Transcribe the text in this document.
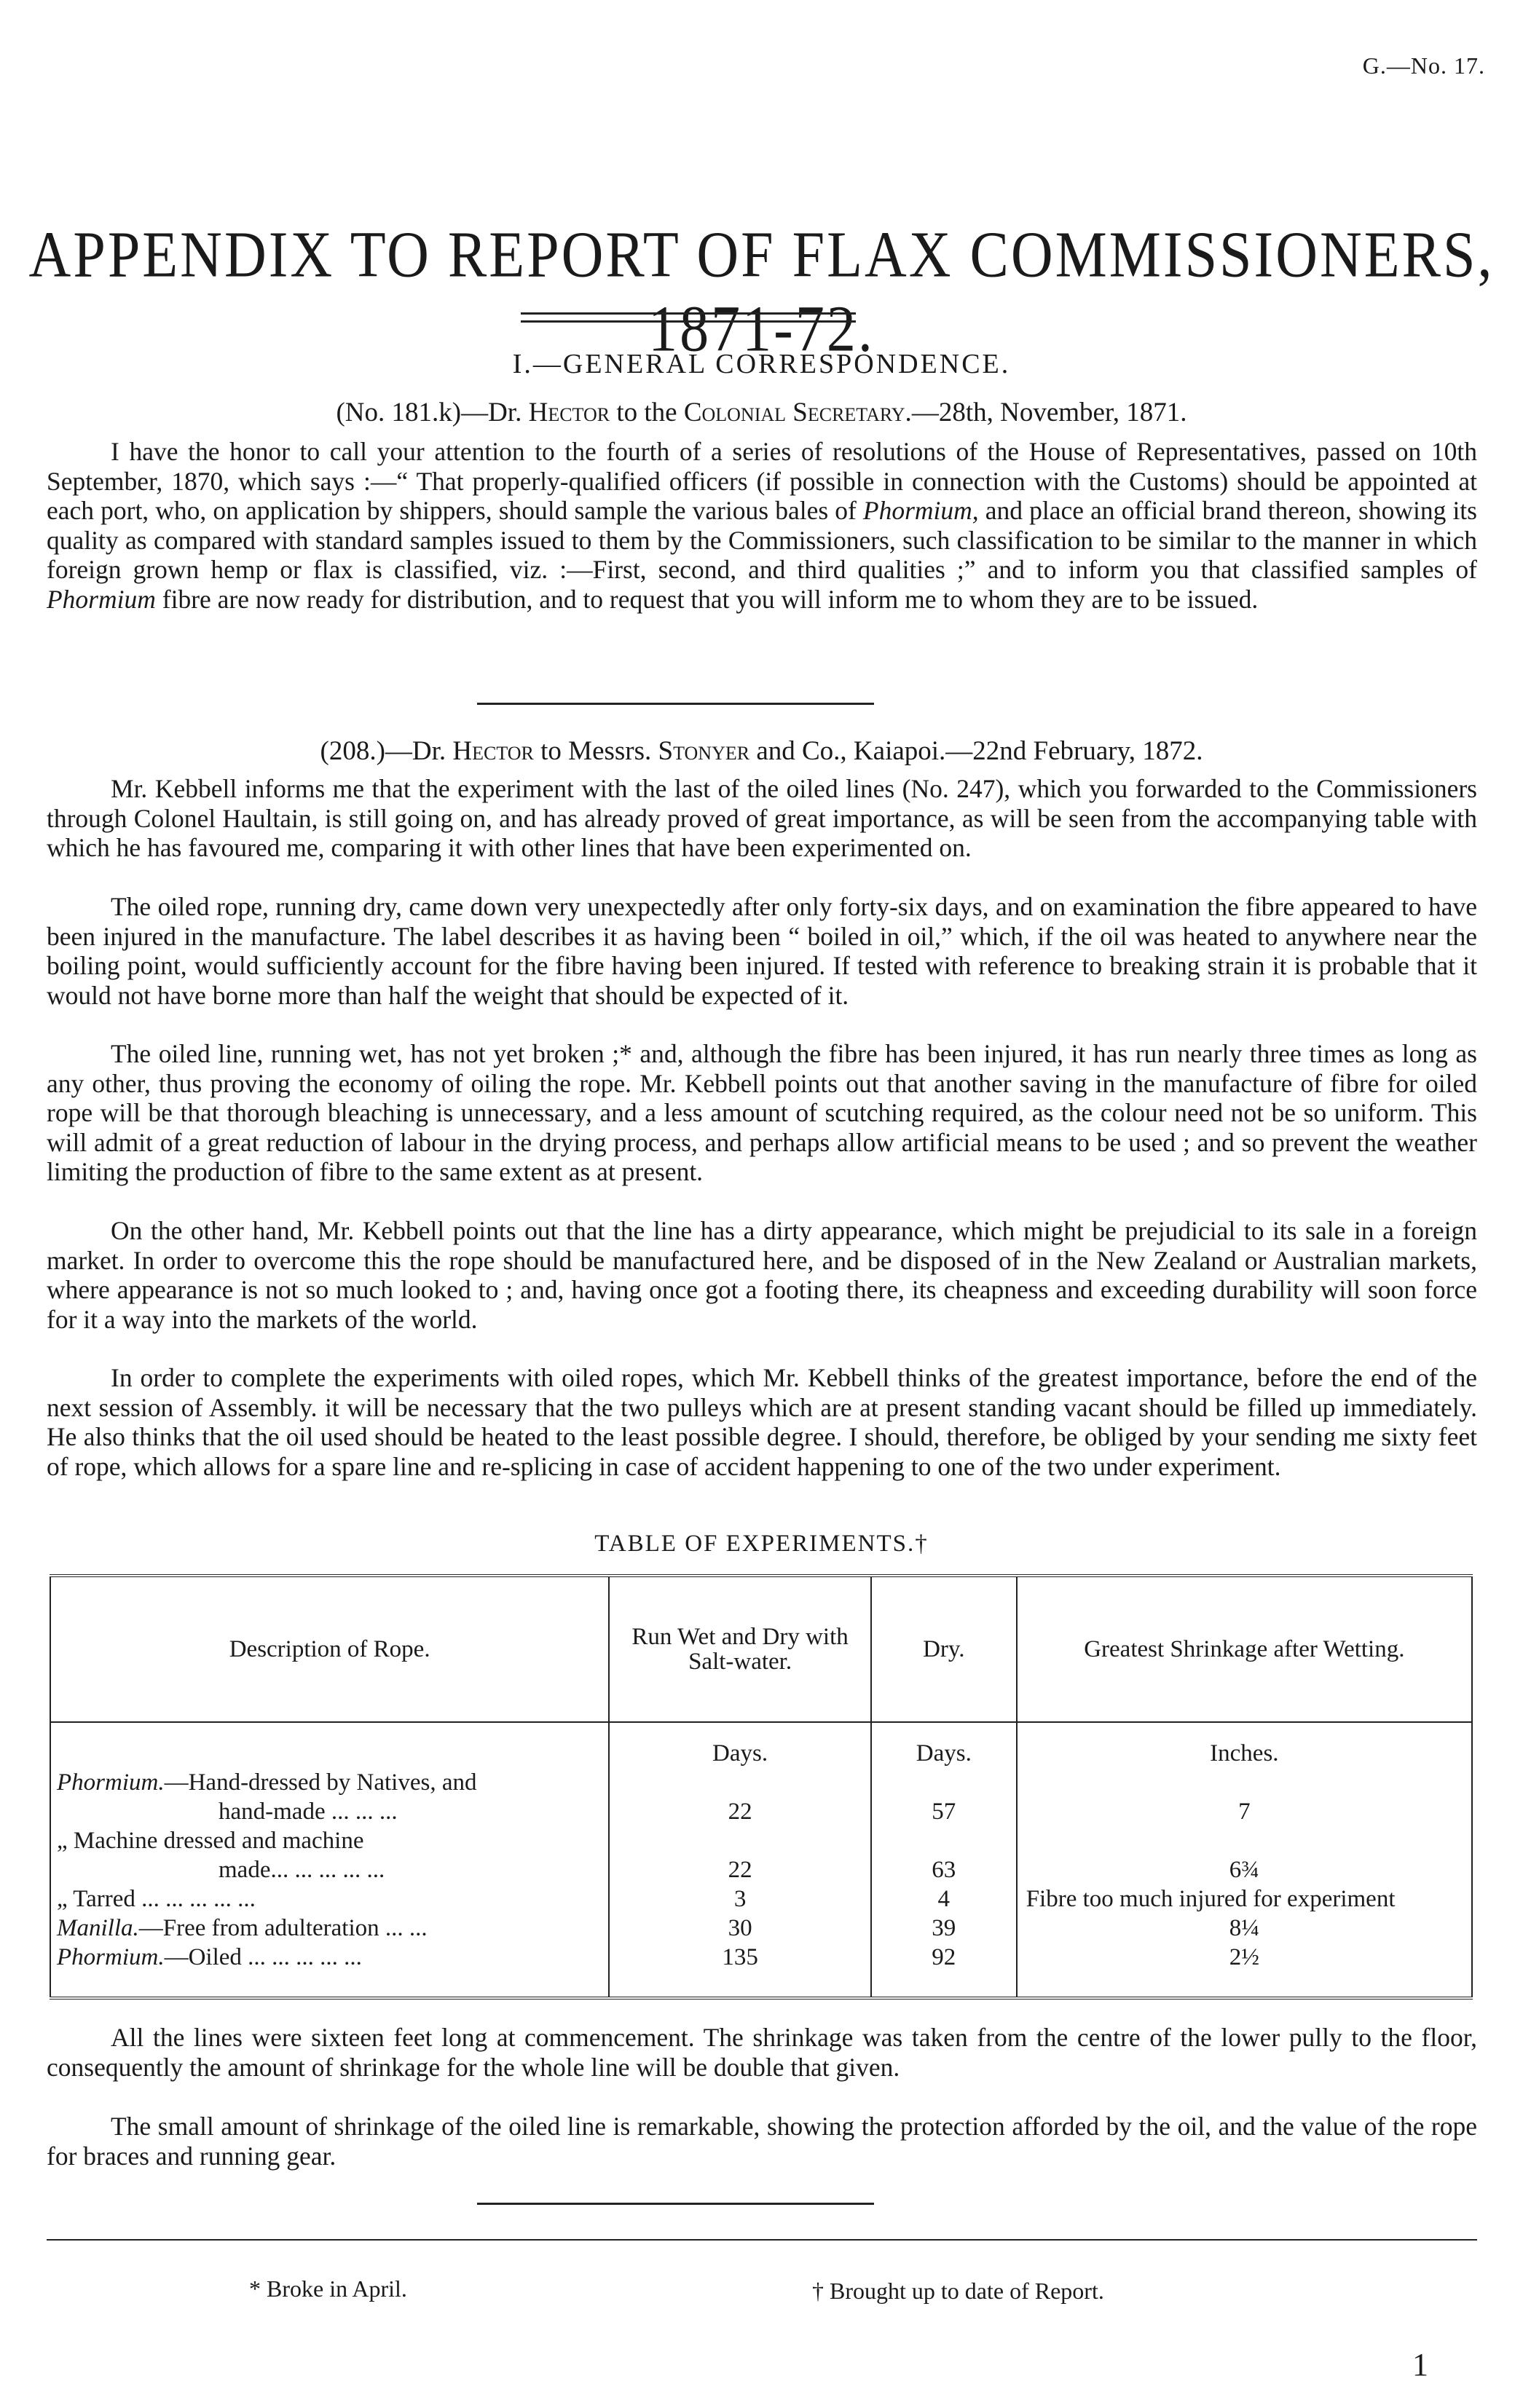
G.—No. 17.
APPENDIX TO REPORT OF FLAX COMMISSIONERS, 1871-72.
I.—GENERAL CORRESPONDENCE.
(No. 181.k)—Dr. Hector to the Colonial Secretary.—28th, November, 1871.

I have the honor to call your attention to the fourth of a series of resolutions of the House of Representatives, passed on 10th September, 1870, which says :—“ That properly-qualified officers (if possible in connection with the Customs) should be appointed at each port, who, on application by shippers, should sample the various bales of Phormium, and place an official brand thereon, showing its quality as compared with standard samples issued to them by the Commissioners, such classification to be similar to the manner in which foreign grown hemp or flax is classified, viz. :—First, second, and third qualities ;” and to inform you that classified samples of Phormium fibre are now ready for distribution, and to request that you will inform me to whom they are to be issued.

(208.)—Dr. Hector to Messrs. Stonyer and Co., Kaiapoi.—22nd February, 1872.

Mr. Kebbell informs me that the experiment with the last of the oiled lines (No. 247), which you forwarded to the Commissioners through Colonel Haultain, is still going on, and has already proved of great importance, as will be seen from the accompanying table with which he has favoured me, comparing it with other lines that have been experimented on.

The oiled rope, running dry, came down very unexpectedly after only forty-six days, and on examination the fibre appeared to have been injured in the manufacture. The label describes it as having been “ boiled in oil,” which, if the oil was heated to anywhere near the boiling point, would sufficiently account for the fibre having been injured. If tested with reference to breaking strain it is probable that it would not have borne more than half the weight that should be expected of it.

The oiled line, running wet, has not yet broken ;* and, although the fibre has been injured, it has run nearly three times as long as any other, thus proving the economy of oiling the rope. Mr. Kebbell points out that another saving in the manufacture of fibre for oiled rope will be that thorough bleaching is unnecessary, and a less amount of scutching required, as the colour need not be so uniform. This will admit of a great reduction of labour in the drying process, and perhaps allow artificial means to be used ; and so prevent the weather limiting the production of fibre to the same extent as at present.

On the other hand, Mr. Kebbell points out that the line has a dirty appearance, which might be prejudicial to its sale in a foreign market. In order to overcome this the rope should be manufactured here, and be disposed of in the New Zealand or Australian markets, where appearance is not so much looked to ; and, having once got a footing there, its cheapness and exceeding durability will soon force for it a way into the markets of the world.

In order to complete the experiments with oiled ropes, which Mr. Kebbell thinks of the greatest importance, before the end of the next session of Assembly. it will be necessary that the two pulleys which are at present standing vacant should be filled up immediately. He also thinks that the oil used should be heated to the least possible degree. I should, therefore, be obliged by your sending me sixty feet of rope, which allows for a spare line and re-splicing in case of accident happening to one of the two under experiment.

TABLE OF EXPERIMENTS.†
Description of Rope.	Run Wet and Dry with Salt-water.	Dry.	Greatest Shrinkage after Wetting.
	Days.	Days.	Inches.
Phormium.—Hand-dressed by Natives, and
hand-made ... ... ...	22	57	7
„ Machine dressed and machine
made... ... ... ... ...	22	63	6¾
„ Tarred ... ... ... ... ...	3	4	Fibre too much injured for experiment
Manilla.—Free from adulteration ... ...	30	39	8¼
Phormium.—Oiled ... ... ... ... ...	135	92	2½

All the lines were sixteen feet long at commencement. The shrinkage was taken from the centre of the lower pully to the floor, consequently the amount of shrinkage for the whole line will be double that given.

The small amount of shrinkage of the oiled line is remarkable, showing the protection afforded by the oil, and the value of the rope for braces and running gear.

* Broke in April.	† Brought up to date of Report.
1
